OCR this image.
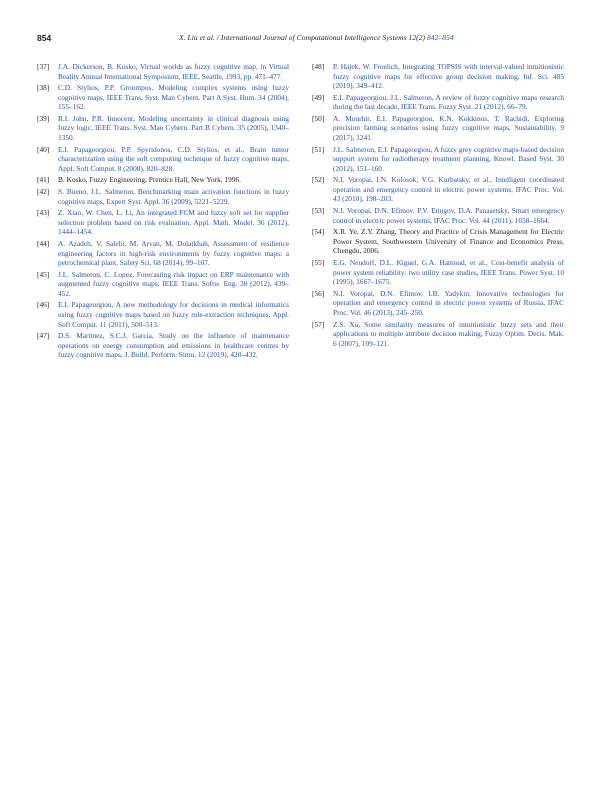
854	X. Liu et al. / International Journal of Computational Intelligence Systems 12(2) 842–854
[37] J.A. Dickerson, B. Kosko, Virtual worlds as fuzzy cognitive map, in Virtual Reality Annual International Symposium, IEEE, Seattle, 1993, pp. 471–477.
[38] C.D. Stylios, P.P. Groumpos, Modeling complex systems using fuzzy cognitive maps, IEEE Trans. Syst. Man Cybern. Part A Syst. Hum. 34 (2004), 155–162.
[39] R.I. John, P.R. Innocent, Modeling uncertainty in clinical diagnosis using fuzzy logic, IEEE Trans. Syst. Man Cybern. Part B Cybern. 35 (2005), 1340–1350.
[40] E.I. Papageorgiou, P.P. Spyridonos, C.D. Stylios, et al., Brain tumor characterization using the soft computing technique of fuzzy cognitive maps, Appl. Soft Comput. 8 (2008), 820–828.
[41] B. Kosko, Fuzzy Engineering, Prentice Hall, New York, 1996.
[42] S. Bueno, J.L. Salmeron, Benchmarking main activation functions in fuzzy cognitive maps, Expert Syst. Appl. 36 (2009), 5221–5229.
[43] Z. Xiao, W. Chen, L. Li, An integrated FCM and fuzzy soft set for supplier selection problem based on risk evaluation, Appl. Math. Model. 36 (2012), 1444–1454.
[44] A. Azadeh, V. Salehi, M. Arvan, M. Dolatkhah, Assessment of resilience engineering factors in high-risk environments by fuzzy cognitive maps: a petrochemical plant, Safety Sci. 68 (2014), 99–107.
[45] J.L. Salmeron, C. Lopez, Forecasting risk impact on ERP maintenance with augmented fuzzy cognitive maps, IEEE Trans. Softw. Eng. 38 (2012), 439–452.
[46] E.I. Papageorgiou, A new methodology for decisions in medical informatics using fuzzy cognitive maps based on fuzzy rule-extraction techniques, Appl. Soft Comput. 11 (2011), 500–513.
[47] D.S. Martinez, S.C.J. Garcia, Study on the influence of maintenance operations on energy consumption and emissions in healthcare centres by fuzzy cognitive maps, J. Build. Perform. Simu. 12 (2019), 420–432.
[48] P. Hajek, W. Froelich, Integrating TOPSIS with interval-valued intuitionistic fuzzy cognitive maps for effective group decision making, Inf. Sci. 485 (2019), 349–412.
[49] E.I. Papageorgiou, J.L. Salmeron, A review of fuzzy cognitive maps research during the last decade, IEEE Trans. Fuzzy Syst. 21 (2012), 66–79.
[50] A. Mourhir, E.I. Papageorgiou, K.N. Kokkinos, T. Rachidi, Exploring precision farming scenarios using fuzzy cognitive maps, Sustainability. 9 (2017), 1241.
[51] J.L. Salmeron, E.I. Papageorgiou, A fuzzy grey cognitive maps-based decision support system for radiotherapy treatment planning, Knowl. Based Syst. 30 (2012), 151–160.
[52] N.I. Voropai, I.N. Kolosok, V.G. Kurbatsky, et al., Intelligent coordinated operation and emergency control in electric power systems, IFAC Proc. Vol. 43 (2010), 198–203.
[53] N.I. Voropai, D.N. Efimov, P.V. Etingov, D.A. Panasetsky, Smart emergency control in electric power systems, IFAC Proc. Vol. 44 (2011), 1658–1664.
[54] X.R. Ye, Z.Y. Zhang, Theory and Practice of Crisis Management for Electric Power System, Southwestern University of Finance and Economics Press, Chengdu, 2006.
[55] E.G. Neudorf, D.L. Kiguel, G.A. Hamoud, et al., Cost-benefit analysis of power system reliability: two utility case studies, IEEE Trans. Power Syst. 10 (1995), 1667–1675.
[56] N.I. Voropai, D.N. Efimov, I.B. Yadykin, Innovative technologies for operation and emergency control in electric power systems of Russia, IFAC Proc. Vol. 46 (2013), 245–250.
[57] Z.S. Xu, Some similarity measures of intuitionistic fuzzy sets and their applications to multiple attribute decision making, Fuzzy Optim. Decis. Mak. 6 (2007), 109–121.
